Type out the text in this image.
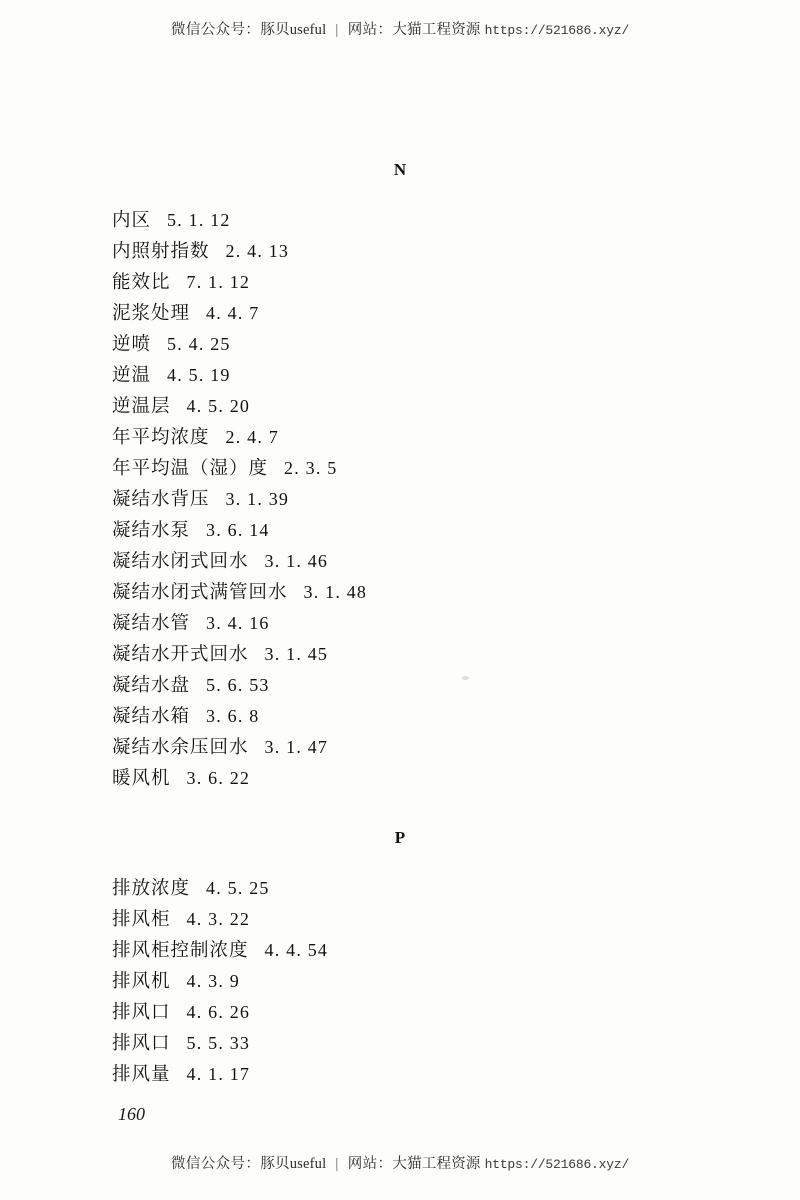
微信公众号：豚贝useful | 网站：大猫工程资源 https://521686.xyz/
N
内区 5. 1. 12
内照射指数 2. 4. 13
能效比 7. 1. 12
泥浆处理 4. 4. 7
逆喷 5. 4. 25
逆温 4. 5. 19
逆温层 4. 5. 20
年平均浓度 2. 4. 7
年平均温（湿）度 2. 3. 5
凝结水背压 3. 1. 39
凝结水泵 3. 6. 14
凝结水闭式回水 3. 1. 46
凝结水闭式满管回水 3. 1. 48
凝结水管 3. 4. 16
凝结水开式回水 3. 1. 45
凝结水盘 5. 6. 53
凝结水箱 3. 6. 8
凝结水余压回水 3. 1. 47
暖风机 3. 6. 22
P
排放浓度 4. 5. 25
排风柜 4. 3. 22
排风柜控制浓度 4. 4. 54
排风机 4. 3. 9
排风口 4. 6. 26
排风口 5. 5. 33
排风量 4. 1. 17
160
微信公众号：豚贝useful | 网站：大猫工程资源 https://521686.xyz/
